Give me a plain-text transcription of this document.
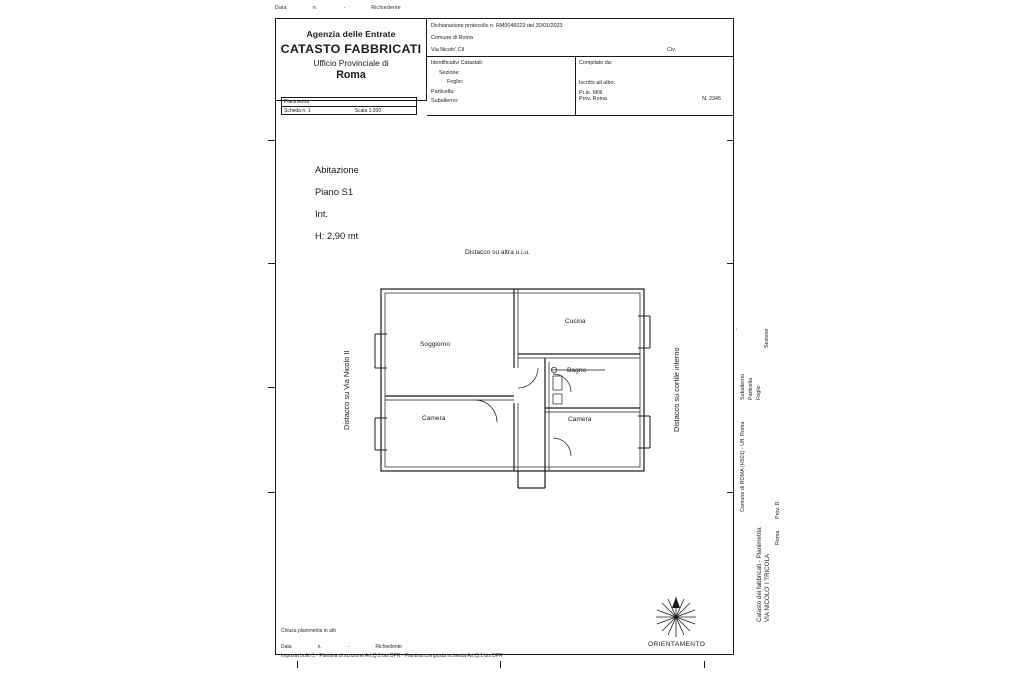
Data	n.	-	Richiedente
Agenzia delle Entrate
CATASTO FABBRICATI
Ufficio Provinciale di
Roma
Planimetria
Scheda n. 1	Scala 1:200
Dichiarazione protocollo n. RM0046023 del 30/01/2023
Comune di Roma
Via Nicolo' Cil	Civ.
Identificativi Catastali:
Sezione:
Foglio:
Particella:
Subalterno:
Compilato da:
Iscritto all albo:
Pr.le. Milli
Prov. Roma	N. 2345
Abitazione
Piano S1
Int.
H: 2,90 mt
Distacco su altra u.i.u.
Distacco su Via Nicolo II	Distacco su cortile interno
Soggiorno
Cucina
Bagno
Camera	Camera
ORIENTAMENTO
Chiusa planimetria in atti
Data	n.	-	Richiedente
Imposta bollo 1 - Piantina di scrizione Art.Q.1 bis DPR - Piantina composta richiesta Art.Q.1 bis DPR
Catasto dei fabbricati - Planimetria VIA NICOLO' I TRICOLA
Roma
Prov. R.
Comune di ROMA (H501) - Uff. Roma
Subalterno Particella Foglio
Sezione
-
